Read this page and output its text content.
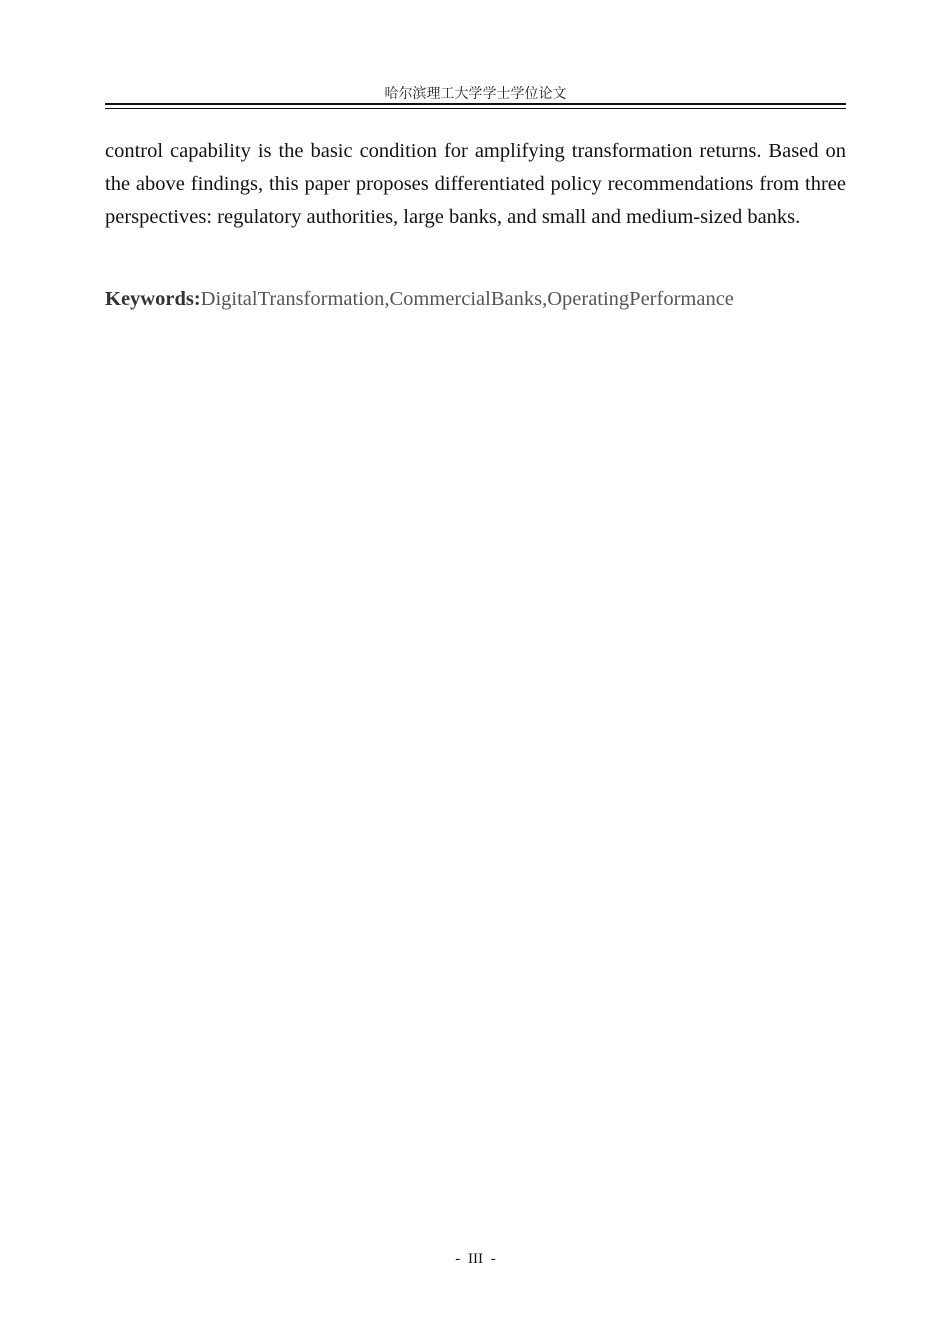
哈尔滨理工大学学士学位论文

control capability is the basic condition for amplifying transformation returns. Based on the above findings, this paper proposes differentiated policy recommendations from three perspectives: regulatory authorities, large banks, and small and medium-sized banks.

Keywords:DigitalTransformation,CommercialBanks,OperatingPerformance

- III -
